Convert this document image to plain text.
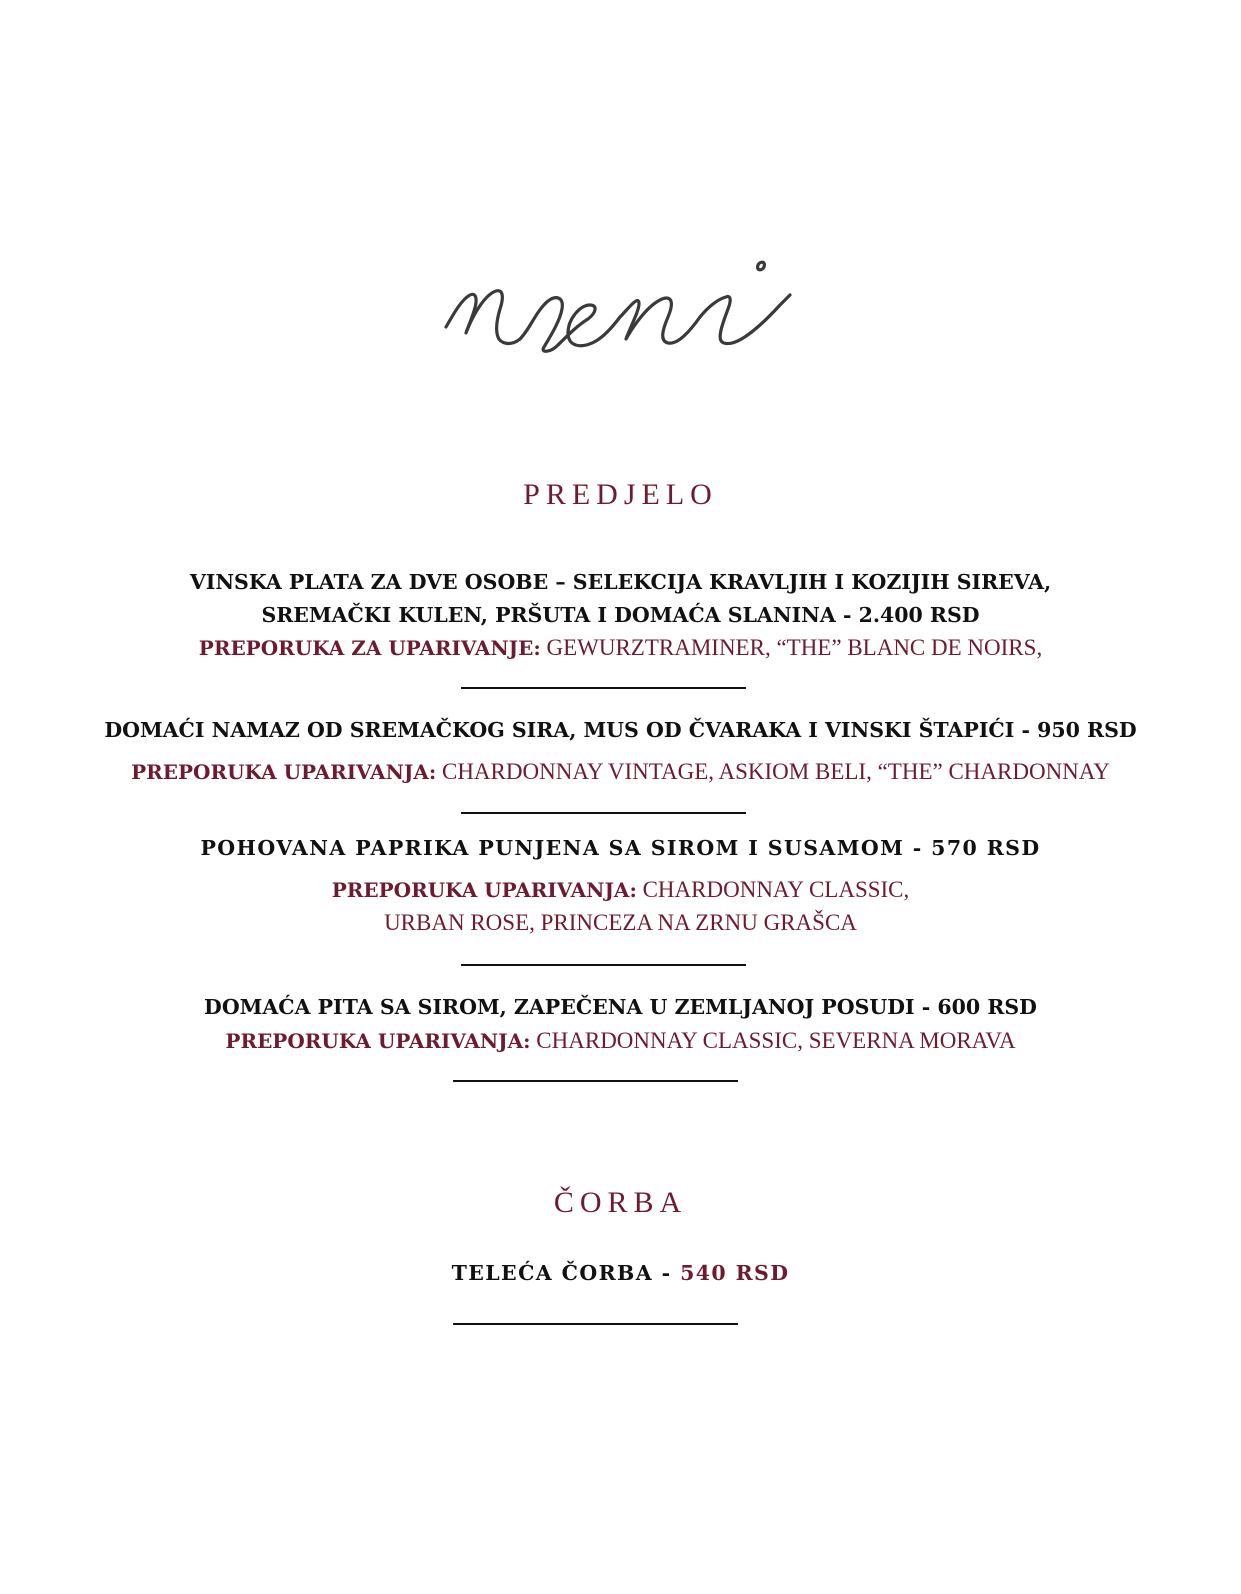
PREDJELO
VINSKA PLATA ZA DVE OSOBE – SELEKCIJA KRAVLJIH I KOZIJIH SIREVA,
SREMAČKI KULEN, PRŠUTA I DOMAĆA SLANINA - 2.400 RSD
PREPORUKA ZA UPARIVANJE: GEWURZTRAMINER, “THE” BLANC DE NOIRS,
DOMAĆI NAMAZ OD SREMAČKOG SIRA, MUS OD ČVARAKA I VINSKI ŠTAPIĆI - 950 RSD
PREPORUKA UPARIVANJA: CHARDONNAY VINTAGE, ASKIOM BELI, “THE” CHARDONNAY
POHOVANA PAPRIKA PUNJENA SA SIROM I SUSAMOM - 570 RSD
PREPORUKA UPARIVANJA: CHARDONNAY CLASSIC,
URBAN ROSE, PRINCEZA NA ZRNU GRAŠCA
DOMAĆA PITA SA SIROM, ZAPEČENA U ZEMLJANOJ POSUDI - 600 RSD
PREPORUKA UPARIVANJA: CHARDONNAY CLASSIC, SEVERNA MORAVA
ČORBA
TELEĆA ČORBA - 540 RSD
